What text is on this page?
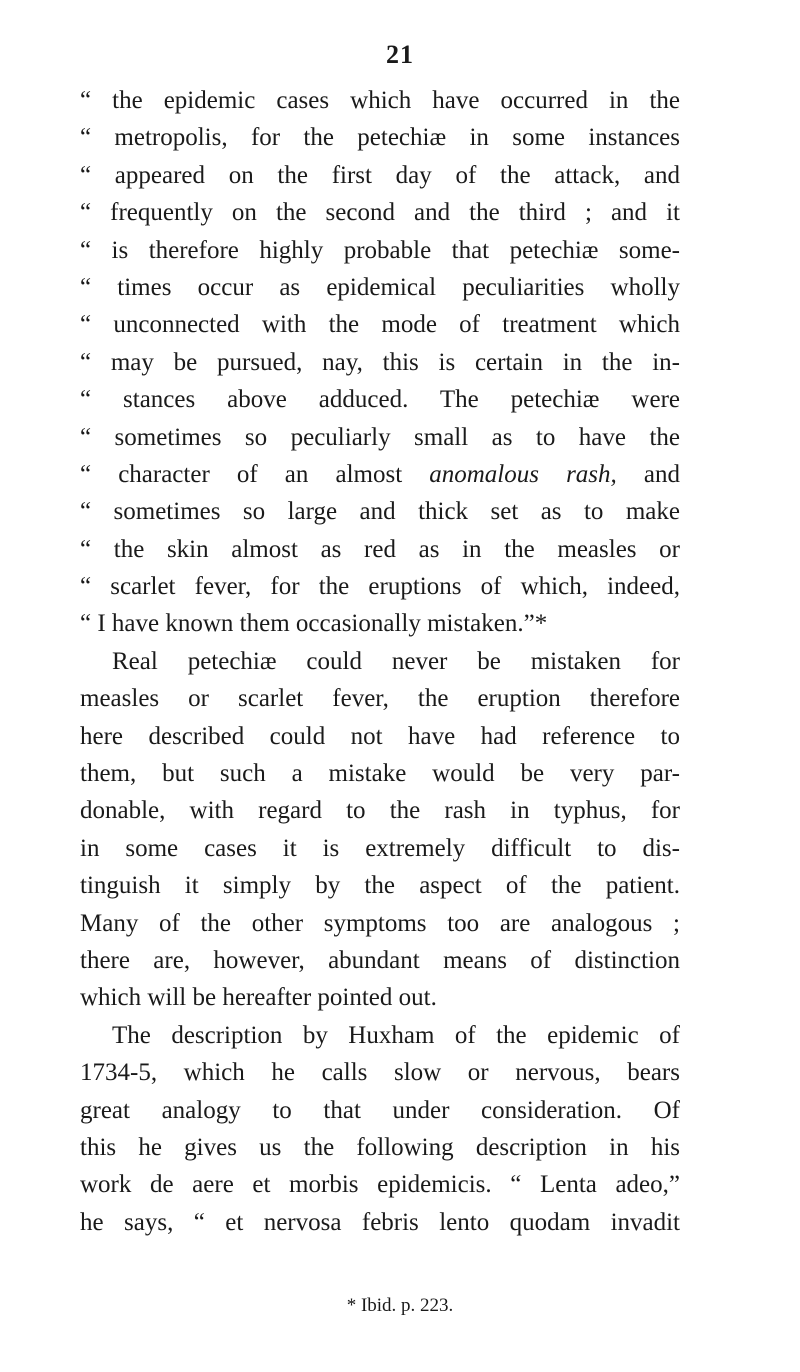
21
“ the epidemic cases which have occurred in the
“ metropolis, for the petechiæ in some instances
“ appeared on the first day of the attack, and
“ frequently on the second and the third ; and it
“ is therefore highly probable that petechiæ some-
“ times occur as epidemical peculiarities wholly
“ unconnected with the mode of treatment which
“ may be pursued, nay, this is certain in the in-
“ stances above adduced. The petechiæ were
“ sometimes so peculiarly small as to have the
“ character of an almost anomalous rash, and
“ sometimes so large and thick set as to make
“ the skin almost as red as in the measles or
“ scarlet fever, for the eruptions of which, indeed,
“ I have known them occasionally mistaken.”*
Real petechiæ could never be mistaken for
measles or scarlet fever, the eruption therefore
here described could not have had reference to
them, but such a mistake would be very par-
donable, with regard to the rash in typhus, for
in some cases it is extremely difficult to dis-
tinguish it simply by the aspect of the patient.
Many of the other symptoms too are analogous ;
there are, however, abundant means of distinction
which will be hereafter pointed out.
The description by Huxham of the epidemic of
1734-5, which he calls slow or nervous, bears
great analogy to that under consideration. Of
this he gives us the following description in his
work de aere et morbis epidemicis. “ Lenta adeo,”
he says, “ et nervosa febris lento quodam invadit
* Ibid. p. 223.
